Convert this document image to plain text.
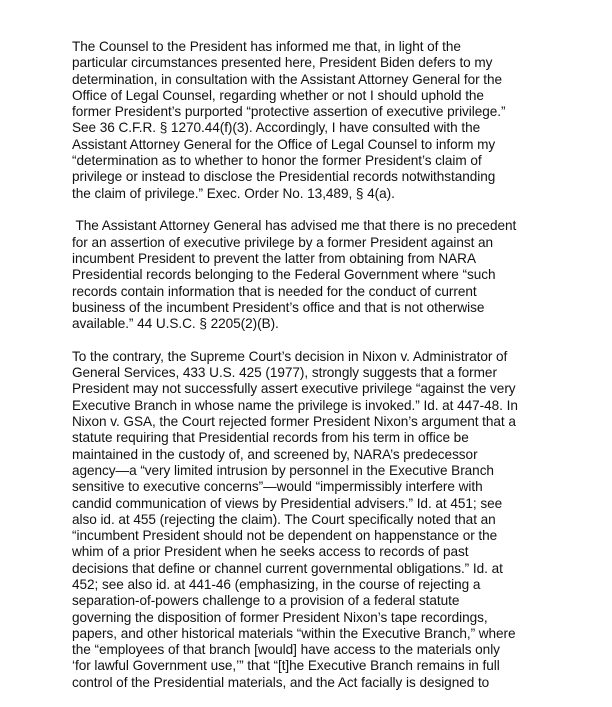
The Counsel to the President has informed me that, in light of the
particular circumstances presented here, President Biden defers to my
determination, in consultation with the Assistant Attorney General for the
Office of Legal Counsel, regarding whether or not I should uphold the
former President’s purported “protective assertion of executive privilege.”
See 36 C.F.R. § 1270.44(f)(3). Accordingly, I have consulted with the
Assistant Attorney General for the Office of Legal Counsel to inform my
“determination as to whether to honor the former President’s claim of
privilege or instead to disclose the Presidential records notwithstanding
the claim of privilege.” Exec. Order No. 13,489, § 4(a).

The Assistant Attorney General has advised me that there is no precedent
for an assertion of executive privilege by a former President against an
incumbent President to prevent the latter from obtaining from NARA
Presidential records belonging to the Federal Government where “such
records contain information that is needed for the conduct of current
business of the incumbent President’s office and that is not otherwise
available.” 44 U.S.C. § 2205(2)(B).

To the contrary, the Supreme Court’s decision in Nixon v. Administrator of
General Services, 433 U.S. 425 (1977), strongly suggests that a former
President may not successfully assert executive privilege “against the very
Executive Branch in whose name the privilege is invoked.” Id. at 447-48. In
Nixon v. GSA, the Court rejected former President Nixon’s argument that a
statute requiring that Presidential records from his term in office be
maintained in the custody of, and screened by, NARA’s predecessor
agency—a “very limited intrusion by personnel in the Executive Branch
sensitive to executive concerns”—would “impermissibly interfere with
candid communication of views by Presidential advisers.” Id. at 451; see
also id. at 455 (rejecting the claim). The Court specifically noted that an
“incumbent President should not be dependent on happenstance or the
whim of a prior President when he seeks access to records of past
decisions that define or channel current governmental obligations.” Id. at
452; see also id. at 441-46 (emphasizing, in the course of rejecting a
separation-of-powers challenge to a provision of a federal statute
governing the disposition of former President Nixon’s tape recordings,
papers, and other historical materials “within the Executive Branch,” where
the “employees of that branch [would] have access to the materials only
‘for lawful Government use,’” that “[t]he Executive Branch remains in full
control of the Presidential materials, and the Act facially is designed to
